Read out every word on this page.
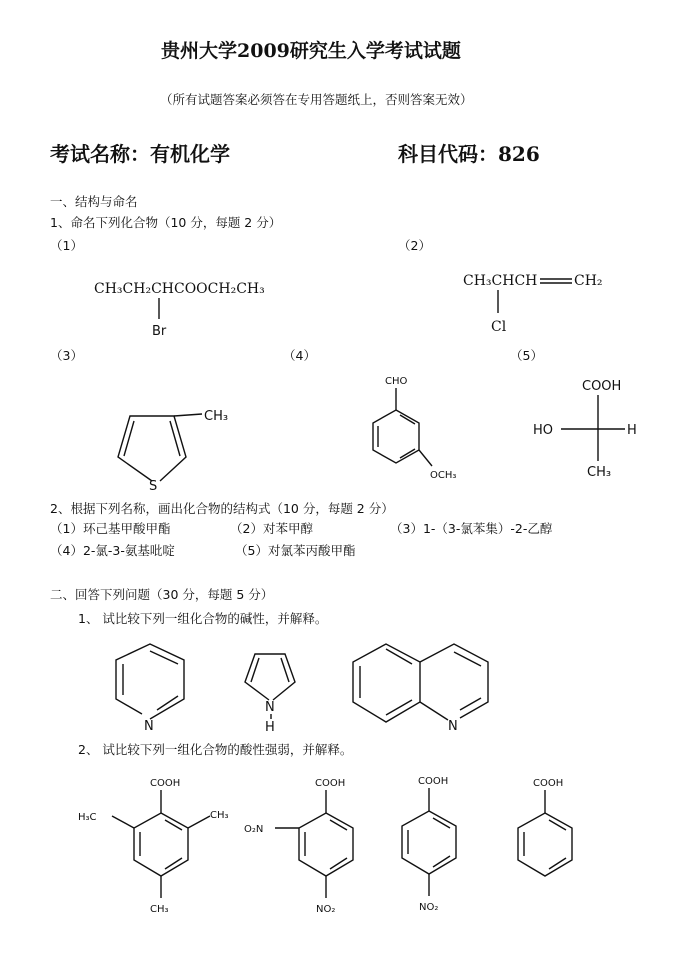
贵州大学2009研究生入学考试试题
（所有试题答案必须答在专用答题纸上，否则答案无效）
考试名称：有机化学	科目代码：826
一、结构与命名
1、命名下列化合物（10 分，每题 2 分）
（1）	（2）
（3）	（4）	（5）
CH₃CH₂CHCOOCH₂CH₃
Br
CH₃CHCH	CH₂
Cl
CH₃
S
CHO
OCH₃
COOH
HO	H
CH₃
2、根据下列名称，画出化合物的结构式（10 分，每题 2 分）
（1）环己基甲酸甲酯	（2）对苯甲醇	（3）1-（3-氯苯集）-2-乙醇
（4）2-氯-3-氨基吡啶	（5）对氯苯丙酸甲酯
二、回答下列问题（30 分，每题 5 分）
1、 试比较下列一组化合物的碱性，并解释。
N
N
H	N
2、 试比较下列一组化合物的酸性强弱，并解释。
COOH
H₃C	CH₃
CH₃
COOH
O₂N
NO₂
COOH
NO₂
COOH
